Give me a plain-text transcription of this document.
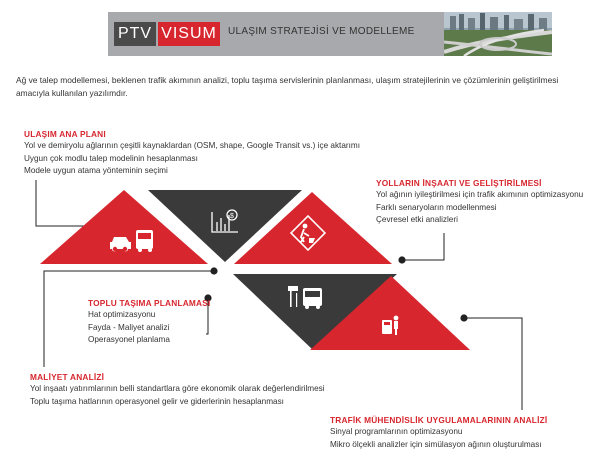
PTV VISUM	ULAŞIM STRATEJİSİ VE MODELLEME
Ağ ve talep modellemesi, beklenen trafik akımının analizi, toplu taşıma servislerinin planlanması, ulaşım stratejilerinin ve çözümlerinin geliştirilmesi amacıyla kullanılan yazılımdır.
$
ULAŞIM ANA PLANI
Yol ve demiryolu ağlarının çeşitli kaynaklardan (OSM, shape, Google Transit vs.) içe aktarımı
Uygun çok modlu talep modelinin hesaplanması
Modele uygun atama yönteminin seçimi
YOLLARIN İNŞAATI VE GELİŞTİRİLMESİ
Yol ağının iyileştirilmesi için trafik akımının optimizasyonu
Farklı senaryoların modellenmesi
Çevresel etki analizleri
TOPLU TAŞIMA PLANLAMASI
Hat optimizasyonu
Fayda - Maliyet analizi
Operasyonel planlama
MALİYET ANALİZİ
Yol inşaatı yatırımlarının belli standartlara göre ekonomik olarak değerlendirilmesi
Toplu taşıma hatlarının operasyonel gelir ve giderlerinin hesaplanması
TRAFİK MÜHENDİSLİK UYGULAMALARININ ANALİZİ
Sinyal programlarının optimizasyonu
Mikro ölçekli analizler için simülasyon ağının oluşturulması
